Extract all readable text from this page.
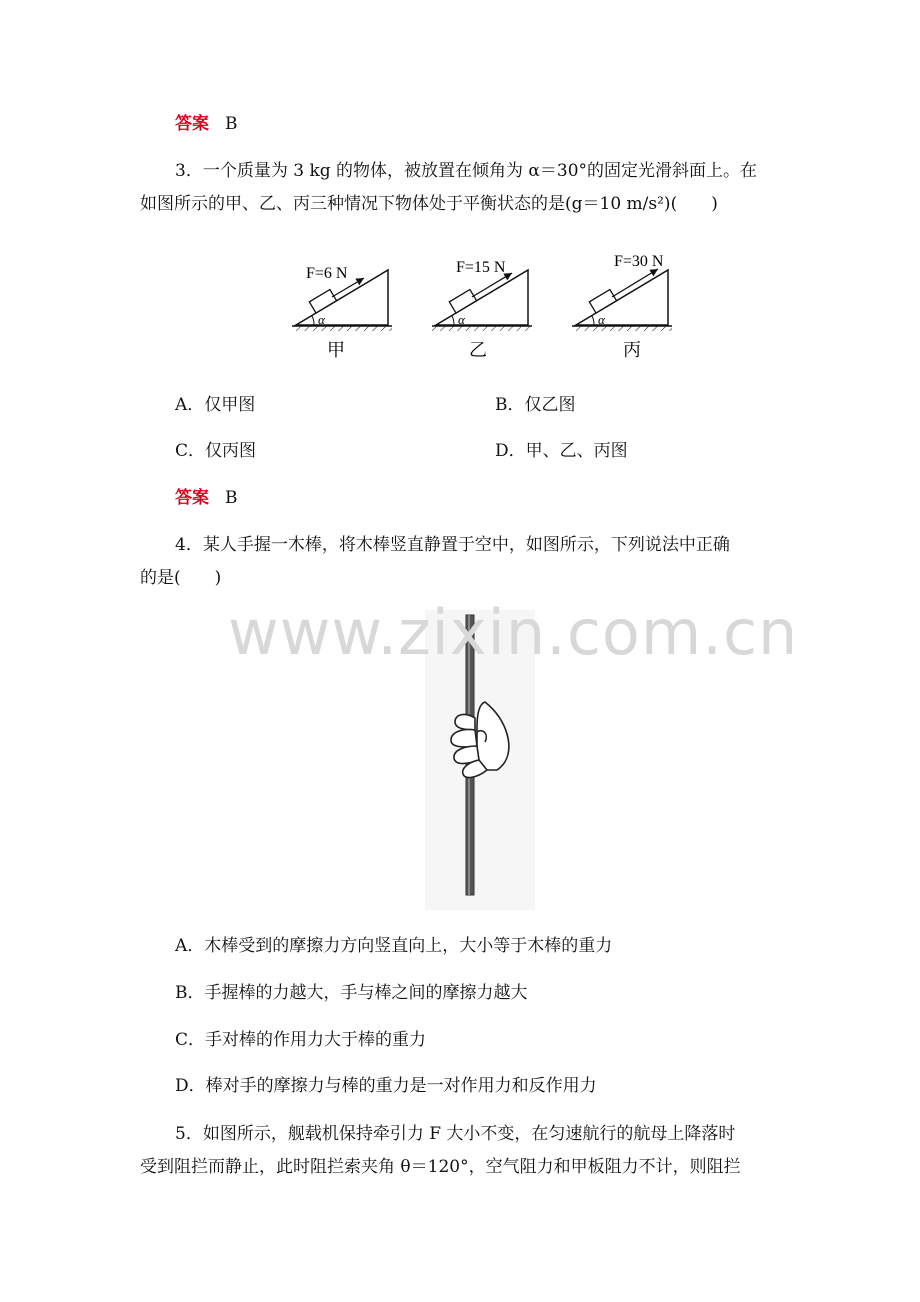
答案 B
3．一个质量为 3 kg 的物体，被放置在倾角为 α＝30°的固定光滑斜面上。在
如图所示的甲、乙、丙三种情况下物体处于平衡状态的是(g＝10 m/s²)(　　)
F=6 N
α
甲
F=15 N
α
乙
F=30 N
α
丙
A．仅甲图	B．仅乙图
C．仅丙图	D．甲、乙、丙图
答案 B
4．某人手握一木棒，将木棒竖直静置于空中，如图所示，下列说法中正确
的是(　　)
www.zixin.com.cn
A．木棒受到的摩擦力方向竖直向上，大小等于木棒的重力
B．手握棒的力越大，手与棒之间的摩擦力越大
C．手对棒的作用力大于棒的重力
D．棒对手的摩擦力与棒的重力是一对作用力和反作用力
5．如图所示，舰载机保持牵引力 F 大小不变，在匀速航行的航母上降落时
受到阻拦而静止，此时阻拦索夹角 θ＝120°，空气阻力和甲板阻力不计，则阻拦
